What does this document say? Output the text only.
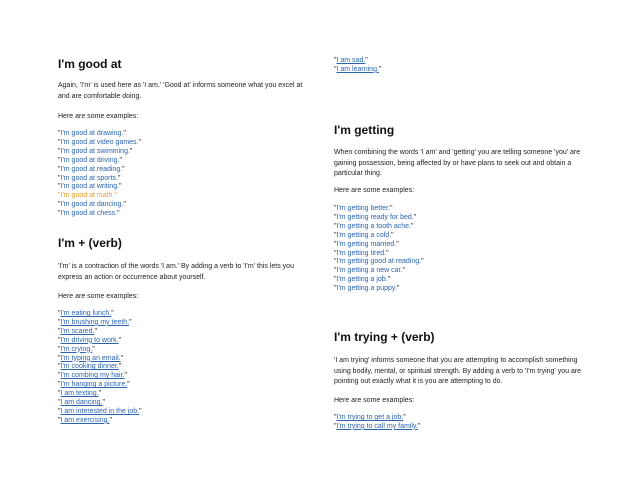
I'm good at

Again, 'I'm' is used here as 'I am.' 'Good at' informs someone what you excel at and are comfortable doing.

Here are some examples:

"I'm good at drawing."
"I'm good at video games."
"I'm good at swimming."
"I'm good at driving."
"I'm good at reading."
"I'm good at sports."
"I'm good at writing."
"I'm good at math."
"I'm good at dancing."
"I'm good at chess."
I'm + (verb)

'I'm' is a contraction of the words 'I am.' By adding a verb to 'I'm' this lets you express an action or occurrence about yourself.

Here are some examples:

"I'm eating lunch."
"I'm brushing my teeth."
"I'm scared."
"I'm driving to work."
"I'm crying."
"I'm typing an email."
"I'm cooking dinner."
"I'm combing my hair."
"I'm hanging a picture."
"I am texting."
"I am dancing."
"I am interested in the job."
"I am exercising."
"I am sad."
"I am learning."
I'm getting

When combining the words 'I am' and 'getting' you are telling someone 'you' are gaining possession, being affected by or have plans to seek out and obtain a particular thing.

Here are some examples:

"I'm getting better."
"I'm getting ready for bed."
"I'm getting a tooth ache."
"I'm getting a cold."
"I'm getting married."
"I'm getting tired."
"I'm getting good at reading."
"I'm getting a new car."
"I'm getting a job."
"I'm getting a puppy."
I'm trying + (verb)

'I am trying' informs someone that you are attempting to accomplish something using bodily, mental, or spiritual strength. By adding a verb to 'I'm trying' you are pointing out exactly what it is you are attempting to do.

Here are some examples:

"I'm trying to get a job."
"I'm trying to call my family."
